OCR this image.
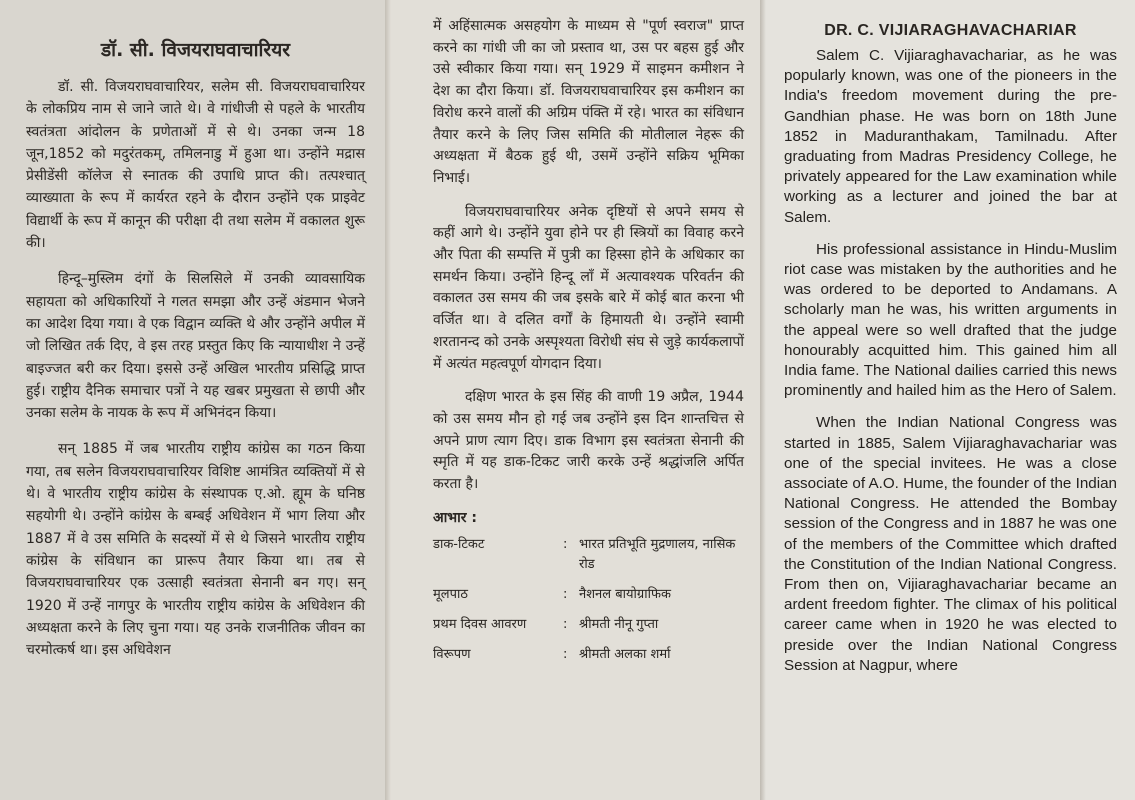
डॉ. सी. विजयराघवाचारियर

डॉ. सी. विजयराघवाचारियर, सलेम सी. विजयराघवाचारियर के लोकप्रिय नाम से जाने जाते थे। वे गांधीजी से पहले के भारतीय स्वतंत्रता आंदोलन के प्रणेताओं में से थे। उनका जन्म 18 जून,1852 को मदुरंतकम्, तमिलनाडु में हुआ था। उन्होंने मद्रास प्रेसीडेंसी कॉलेज से स्नातक की उपाधि प्राप्त की। तत्पश्चात् व्याख्याता के रूप में कार्यरत रहने के दौरान उन्होंने एक प्राइवेट विद्यार्थी के रूप में कानून की परीक्षा दी तथा सलेम में वकालत शुरू की।

हिन्दू–मुस्लिम दंगों के सिलसिले में उनकी व्यावसायिक सहायता को अधिकारियों ने गलत समझा और उन्हें अंडमान भेजने का आदेश दिया गया। वे एक विद्वान व्यक्ति थे और उन्होंने अपील में जो लिखित तर्क दिए, वे इस तरह प्रस्तुत किए कि न्यायाधीश ने उन्हें बाइज्जत बरी कर दिया। इससे उन्हें अखिल भारतीय प्रसिद्धि प्राप्त हुई। राष्ट्रीय दैनिक समाचार पत्रों ने यह खबर प्रमुखता से छापी और उनका सलेम के नायक के रूप में अभिनंदन किया।

सन् 1885 में जब भारतीय राष्ट्रीय कांग्रेस का गठन किया गया, तब सलेन विजयराघवाचारियर विशिष्ट आमंत्रित व्यक्तियों में से थे। वे भारतीय राष्ट्रीय कांग्रेस के संस्थापक ए.ओ. ह्यूम के घनिष्ठ सहयोगी थे। उन्होंने कांग्रेस के बम्बई अधिवेशन में भाग लिया और 1887 में वे उस समिति के सदस्यों में से थे जिसने भारतीय राष्ट्रीय कांग्रेस के संविधान का प्रारूप तैयार किया था। तब से विजयराघवाचारियर एक उत्साही स्वतंत्रता सेनानी बन गए। सन् 1920 में उन्हें नागपुर के भारतीय राष्ट्रीय कांग्रेस के अधिवेशन की अध्यक्षता करने के लिए चुना गया। यह उनके राजनीतिक जीवन का चरमोत्कर्ष था। इस अधिवेशन

में अहिंसात्मक असहयोग के माध्यम से "पूर्ण स्वराज" प्राप्त करने का गांधी जी का जो प्रस्ताव था, उस पर बहस हुई और उसे स्वीकार किया गया। सन् 1929 में साइमन कमीशन ने देश का दौरा किया। डॉ. विजयराघवाचारियर इस कमीशन का विरोध करने वालों की अग्रिम पंक्ति में रहे। भारत का संविधान तैयार करने के लिए जिस समिति की मोतीलाल नेहरू की अध्यक्षता में बैठक हुई थी, उसमें उन्होंने सक्रिय भूमिका निभाई।

विजयराघवाचारियर अनेक दृष्टियों से अपने समय से कहीं आगे थे। उन्होंने युवा होने पर ही स्त्रियों का विवाह करने और पिता की सम्पत्ति में पुत्री का हिस्सा होने के अधिकार का समर्थन किया। उन्होंने हिन्दू लॉं में अत्यावश्यक परिवर्तन की वकालत उस समय की जब इसके बारे में कोई बात करना भी वर्जित था। वे दलित वर्गों के हिमायती थे। उन्होंने स्वामी शरतानन्द को उनके अस्पृश्यता विरोधी संघ से जुड़े कार्यकलापों में अत्यंत महत्वपूर्ण योगदान दिया।

दक्षिण भारत के इस सिंह की वाणी 19 अप्रैल, 1944 को उस समय मौन हो गई जब उन्होंने इस दिन शान्तचित्त से अपने प्राण त्याग दिए। डाक विभाग इस स्वतंत्रता सेनानी की स्मृति में यह डाक-टिकट जारी करके उन्हें श्रद्धांजलि अर्पित करता है।

आभार :
डाक-टिकट	: भारत प्रतिभूति मुद्रणालय, नासिक रोड
मूलपाठ	: नैशनल बायोग्राफिक
प्रथम दिवस आवरण	: श्रीमती नीनू गुप्ता
विरूपण	: श्रीमती अलका शर्मा
DR. C. VIJIARAGHAVACHARIAR

Salem C. Vijiaraghavachariar, as he was popularly known, was one of the pioneers in the India's freedom movement during the pre-Gandhian phase. He was born on 18th June 1852 in Maduranthakam, Tamilnadu. After graduating from Madras Presidency College, he privately appeared for the Law examination while working as a lecturer and joined the bar at Salem.

His professional assistance in Hindu-Muslim riot case was mistaken by the authorities and he was ordered to be deported to Andamans. A scholarly man he was, his written arguments in the appeal were so well drafted that the judge honourably acquitted him. This gained him all India fame. The National dailies carried this news prominently and hailed him as the Hero of Salem.

When the Indian National Congress was started in 1885, Salem Vijiaraghavachariar was one of the special invitees. He was a close associate of A.O. Hume, the founder of the Indian National Congress. He attended the Bombay session of the Congress and in 1887 he was one of the members of the Committee which drafted the Constitution of the Indian National Congress. From then on, Vijiaraghavachariar became an ardent freedom fighter. The climax of his political career came when in 1920 he was elected to preside over the Indian National Congress Session at Nagpur, where
